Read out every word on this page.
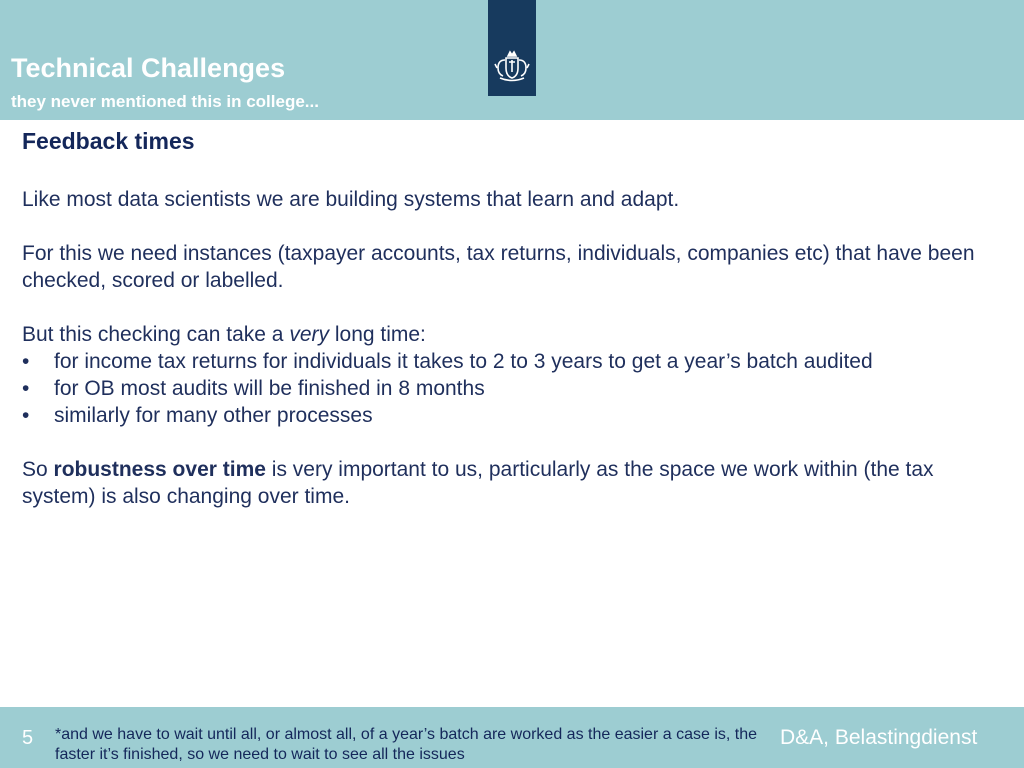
Technical Challenges
they never mentioned this in college...
Feedback times

Like most data scientists we are building systems that learn and adapt.

For this we need instances (taxpayer accounts, tax returns, individuals, companies etc) that have been checked, scored or labelled.

But this checking can take a very long time:

• for income tax returns for individuals it takes to 2 to 3 years to get a year’s batch audited
• for OB most audits will be finished in 8 months
• similarly for many other processes

So robustness over time is very important to us, particularly as the space we work within (the tax system) is also changing over time.

5 *and we have to wait until all, or almost all, of a year’s batch are worked as the easier a case is, the faster it’s finished, so we need to wait to see all the issues
D&A, Belastingdienst
